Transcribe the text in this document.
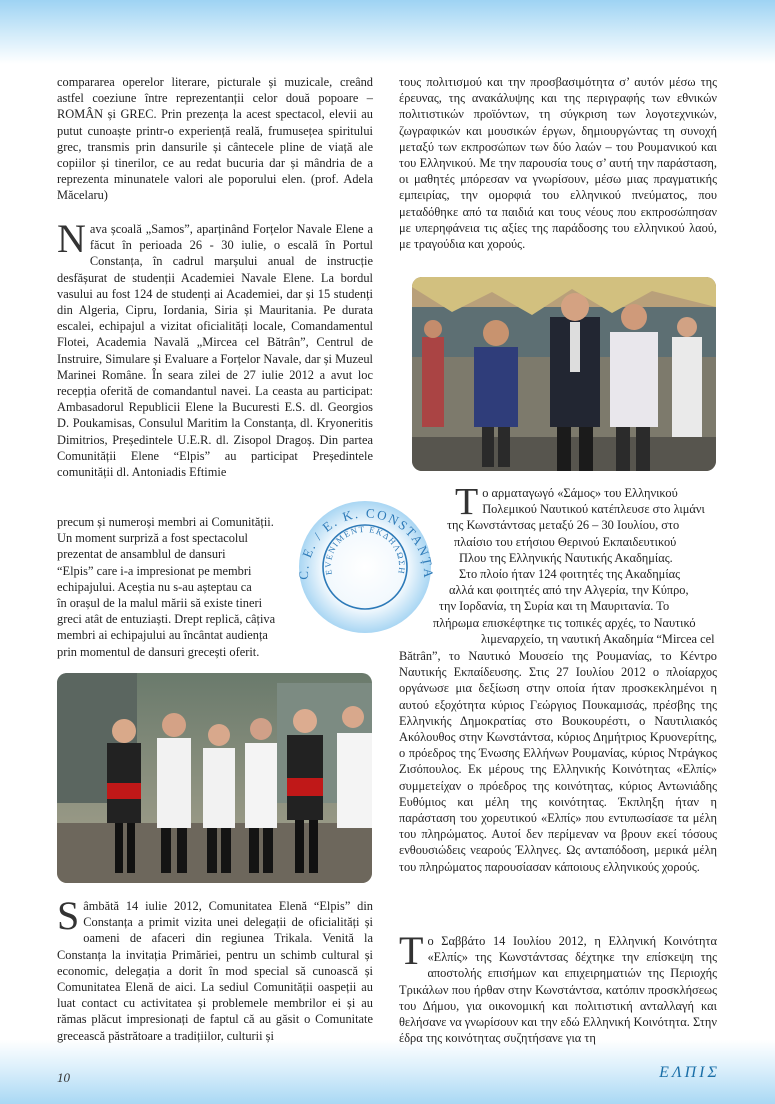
compararea operelor literare, picturale și muzicale, creând astfel coeziune între reprezentanții celor două popoare – ROMÂN și GREC. Prin prezența la acest spectacol, elevii au putut cunoaște printr-o experiență reală, frumusețea spiritului grec, transmis prin dansurile și cântecele pline de viață ale copiilor și tinerilor, ce au redat bucuria dar și mândria de a reprezenta minunatele valori ale poporului elen. (prof. Adela Măcelaru)

Nava școală „Samos”, aparținând Forțelor Navale Elene a făcut în perioada 26 - 30 iulie, o escală în Portul Constanța, în cadrul marșului anual de instrucție desfășurat de studenții Academiei Navale Elene. La bordul vasului au fost 124 de studenți ai Academiei, dar și 15 studenți din Algeria, Cipru, Iordania, Siria și Mauritania. Pe durata escalei, echipajul a vizitat oficialități locale, Comandamentul Flotei, Academia Navală „Mircea cel Bătrân”, Centrul de Instruire, Simulare și Evaluare a Forțelor Navale, dar și Muzeul Marinei Române. În seara zilei de 27 iulie 2012 a avut loc recepția oferită de comandantul navei. La ceasta au participat: Ambasadorul Republicii Elene la Bucuresti E.S. dl. Georgios D. Poukamisas, Consulul Maritim la Constanța, dl. Kryoneritis Dimitrios, Președintele U.E.R. dl. Zisopol Dragoș. Din partea Comunității Elene “Elpis” au participat Președintele comunității dl. Antoniadis Eftimie

precum și numeroși membri ai Comunității.
Un moment surpriză a fost spectacolul
prezentat de ansamblul de dansuri
“Elpis” care i-a impresionat pe membri
echipajului. Aceștia nu s-au așteptau ca
în orașul de la malul mării să existe tineri
greci atât de entuziaști. Drept replică, câțiva
membri ai echipajului au încântat audiența
prin momentul de dansuri grecești oferit.

Sâmbătă 14 iulie 2012, Comunitatea Elenă “Elpis” din Constanța a primit vizita unei delegații de oficialități și oameni de afaceri din regiunea Trikala. Venită la Constanța la invitația Primăriei, pentru un schimb cultural și economic, delegația a dorit în mod special să cunoască și Comunitatea Elenă de aici. La sediul Comunității oaspeții au luat contact cu activitatea și problemele membrilor ei și au rămas plăcut impresionați de faptul că au găsit o Comunitate grecească păstrătoare a tradițiilor, culturii și

τους πολιτισμού και την προσβασιμότητα σ’ αυτόν μέσω της έρευνας, της ανακάλυψης και της περιγραφής των εθνικών πολιτιστικών προϊόντων, τη σύγκριση των λογοτεχνικών, ζωγραφικών και μουσικών έργων, δημιουργώντας τη συνοχή μεταξύ των εκπροσώπων των δύο λαών – του Ρουμανικού και του Ελληνικού. Με την παρουσία τους σ’ αυτή την παράσταση, οι μαθητές μπόρεσαν να γνωρίσουν, μέσω μιας πραγματικής εμπειρίας, την ομορφιά του ελληνικού πνεύματος, που μεταδόθηκε από τα παιδιά και τους νέους που εκπροσώπησαν με υπερηφάνεια τις αξίες της παράδοσης του ελληνικού λαού, με τραγούδια και χορούς.

C. E. / E. K. CONSTANȚ
EVENIMENT ΕΚΔΗΛΩΣΗ
Το αρματαγωγό «Σάμος» του Ελληνικού
Πολεμικού Ναυτικού κατέπλευσε στο λιμάνι
της Κωνστάντσας μεταξύ 26 – 30 Ιουλίου, στο
πλαίσιο του ετήσιου Θερινού Εκπαιδευτικού
Πλου της Ελληνικής Ναυτικής Ακαδημίας.
Στο πλοίο ήταν 124 φοιτητές της Ακαδημίας
αλλά και φοιτητές από την Αλγερία, την Κύπρο,
την Ιορδανία, τη Συρία και τη Μαυριτανία. Το
πλήρωμα επισκέφτηκε τις τοπικές αρχές, το Ναυτικό
λιμεναρχείο, τη ναυτική Ακαδημία “Mircea cel

Bătrân”, το Ναυτικό Μουσείο της Ρουμανίας, το Κέντρο Ναυτικής Εκπαίδευσης. Στις 27 Ιουλίου 2012 ο πλοίαρχος οργάνωσε μια δεξίωση στην οποία ήταν προσκεκλημένοι η αυτού εξοχότητα κύριος Γεώργιος Πουκαμισάς, πρέσβης της Ελληνικής Δημοκρατίας στο Βουκουρέστι, ο Ναυτιλιακός Ακόλουθος στην Κωνστάντσα, κύριος Δημήτριος Κρυονερίτης, ο πρόεδρος της Ένωσης Ελλήνων Ρουμανίας, κύριος Ντράγκος Ζισόπουλος. Εκ μέρους της Ελληνικής Κοινότητας «Ελπίς» συμμετείχαν ο πρόεδρος της κοινότητας, κύριος Αντωνιάδης Ευθύμιος και μέλη της κοινότητας. Έκπληξη ήταν η παράσταση του χορευτικού «Ελπίς» που εντυπωσίασε τα μέλη του πληρώματος. Αυτοί δεν περίμεναν να βρουν εκεί τόσους ενθουσιώδεις νεαρούς Έλληνες. Ως ανταπόδοση, μερικά μέλη του πληρώματος παρουσίασαν κάποιους ελληνικούς χορούς.

Το Σαββάτο 14 Ιουλίου 2012, η Ελληνική Κοινότητα «Ελπίς» της Κωνστάντσας δέχτηκε την επίσκεψη της αποστολής επισήμων και επιχειρηματιών της Περιοχής Τρικάλων που ήρθαν στην Κωνστάντσα, κατόπιν προσκλήσεως του Δήμου, για οικονομική και πολιτιστική ανταλλαγή και θελήσανε να γνωρίσουν και την εδώ Ελληνική Κοινότητα. Στην έδρα της κοινότητας συζητήσανε για τη

10	ΕΛΠΙΣ
